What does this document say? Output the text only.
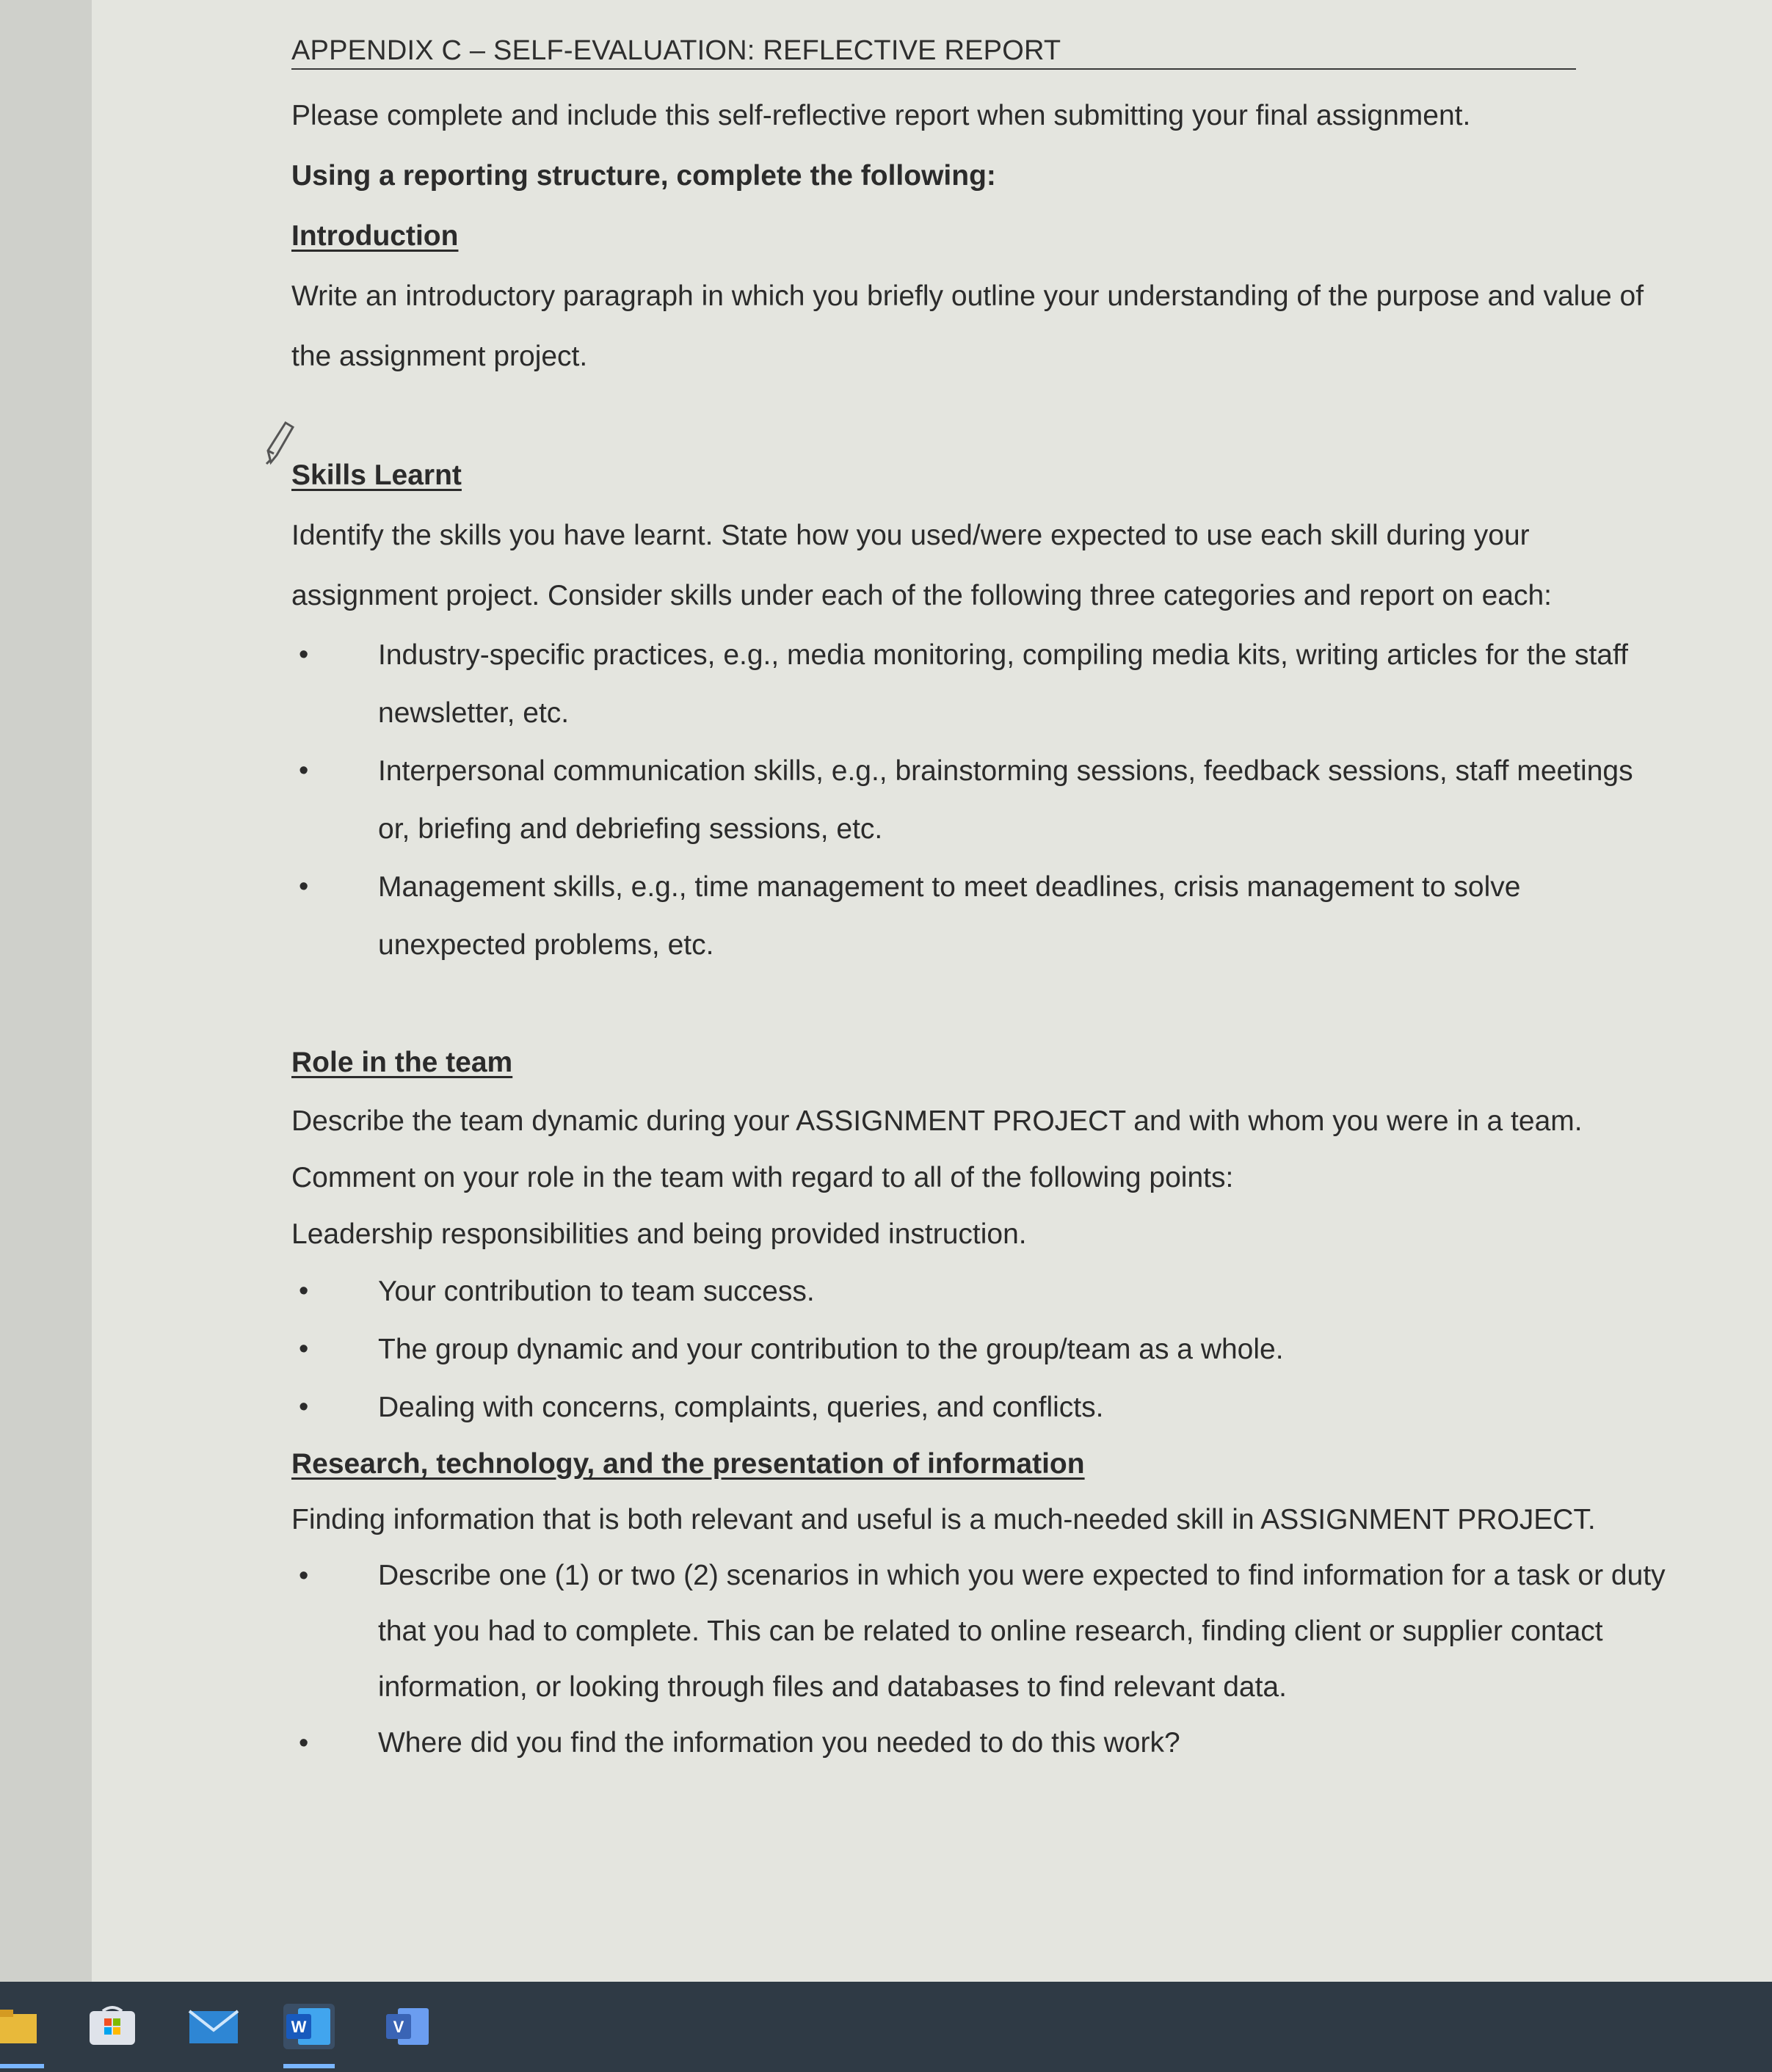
APPENDIX C – SELF-EVALUATION: REFLECTIVE REPORT

Please complete and include this self-reflective report when submitting your final assignment.

Using a reporting structure, complete the following:

Introduction

Write an introductory paragraph in which you briefly outline your understanding of the purpose and value of the assignment project.

Skills Learnt

Identify the skills you have learnt. State how you used/were expected to use each skill during your assignment project. Consider skills under each of the following three categories and report on each:

• Industry-specific practices, e.g., media monitoring, compiling media kits, writing articles for the staff newsletter, etc.
• Interpersonal communication skills, e.g., brainstorming sessions, feedback sessions, staff meetings or, briefing and debriefing sessions, etc.
• Management skills, e.g., time management to meet deadlines, crisis management to solve unexpected problems, etc.

Role in the team

Describe the team dynamic during your ASSIGNMENT PROJECT and with whom you were in a team. Comment on your role in the team with regard to all of the following points:

Leadership responsibilities and being provided instruction.

• Your contribution to team success.
• The group dynamic and your contribution to the group/team as a whole.
• Dealing with concerns, complaints, queries, and conflicts.

Research, technology, and the presentation of information

Finding information that is both relevant and useful is a much-needed skill in ASSIGNMENT PROJECT.

• Describe one (1) or two (2) scenarios in which you were expected to find information for a task or duty that you had to complete. This can be related to online research, finding client or supplier contact information, or looking through files and databases to find relevant data.
• Where did you find the information you needed to do this work?
W	V
